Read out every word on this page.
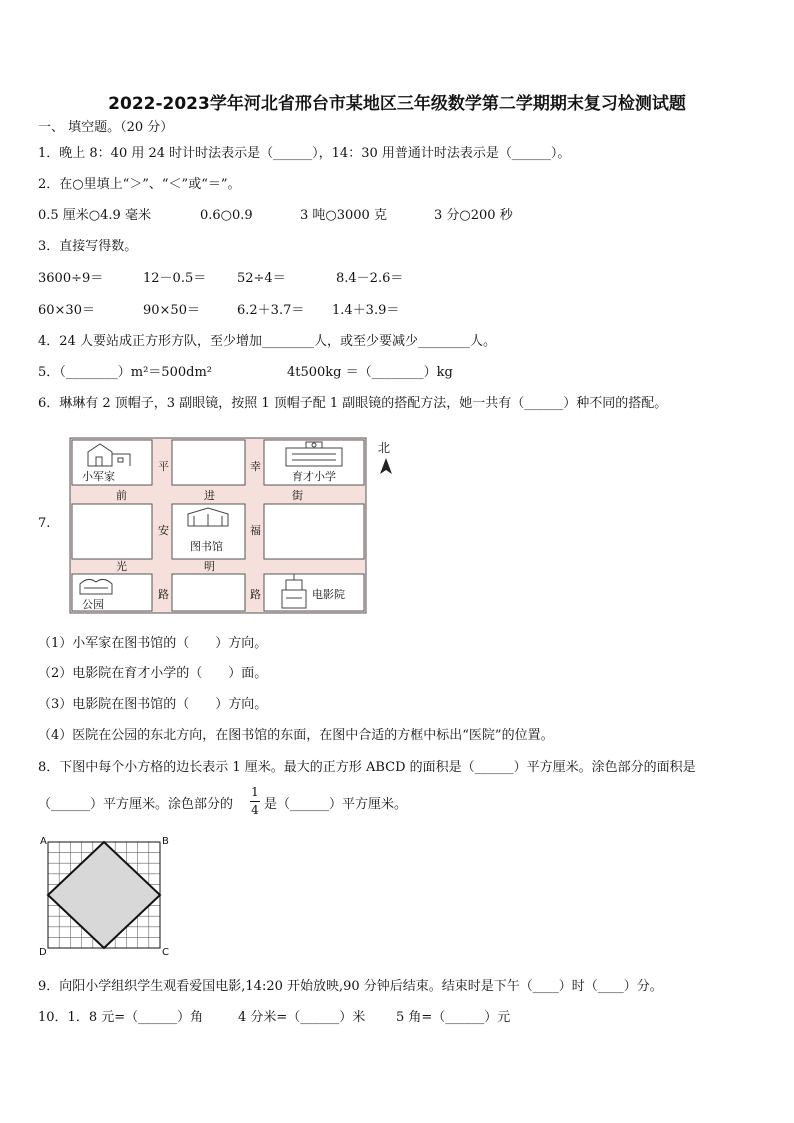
2022-2023学年河北省邢台市某地区三年级数学第二学期期末复习检测试题
一、 填空题。（20 分）
1．晚上 8：40 用 24 时计时法表示是（______），14：30 用普通计时法表示是（______）。
2．在○里填上“＞”、“＜”或“＝”。
0.5 厘米○4.9 毫米	0.6○0.9	3 吨○3000 克	3 分○200 秒
3．直接写得数。
3600÷9＝	12－0.5＝ 52÷4＝	8.4－2.6＝
60×30＝	90×50＝	6.2＋3.7＝ 1.4＋3.9＝
4．24 人要站成正方形方队，至少增加________人，或至少要减少________人。
5．（________）m²＝500dm²	4t500kg ＝（________）kg
6．琳琳有 2 顶帽子，3 副眼镜，按照 1 顶帽子配 1 副眼镜的搭配方法，她一共有（______）种不同的搭配。
7.
小军家	育才小学
图书馆
公园
电影院
平	幸
安	福
路	路
前	进	街
光	明
北
（1）小军家在图书馆的（　　）方向。
（2）电影院在育才小学的（　　）面。
（3）电影院在图书馆的（　　）方向。
（4）医院在公园的东北方向，在图书馆的东面，在图中合适的方框中标出“医院”的位置。
8．下图中每个小方格的边长表示 1 厘米。最大的正方形 ABCD 的面积是（______）平方厘米。涂色部分的面积是
（______）平方厘米。涂色部分的
1
4 是（______）平方厘米。
A	B
C
D
9．向阳小学组织学生观看爱国电影,14:20 开始放映,90 分钟后结束。结束时是下午（____）时（____）分。
10．1．8 元=（______）角	4 分米=（______）米 5 角=（______）元
